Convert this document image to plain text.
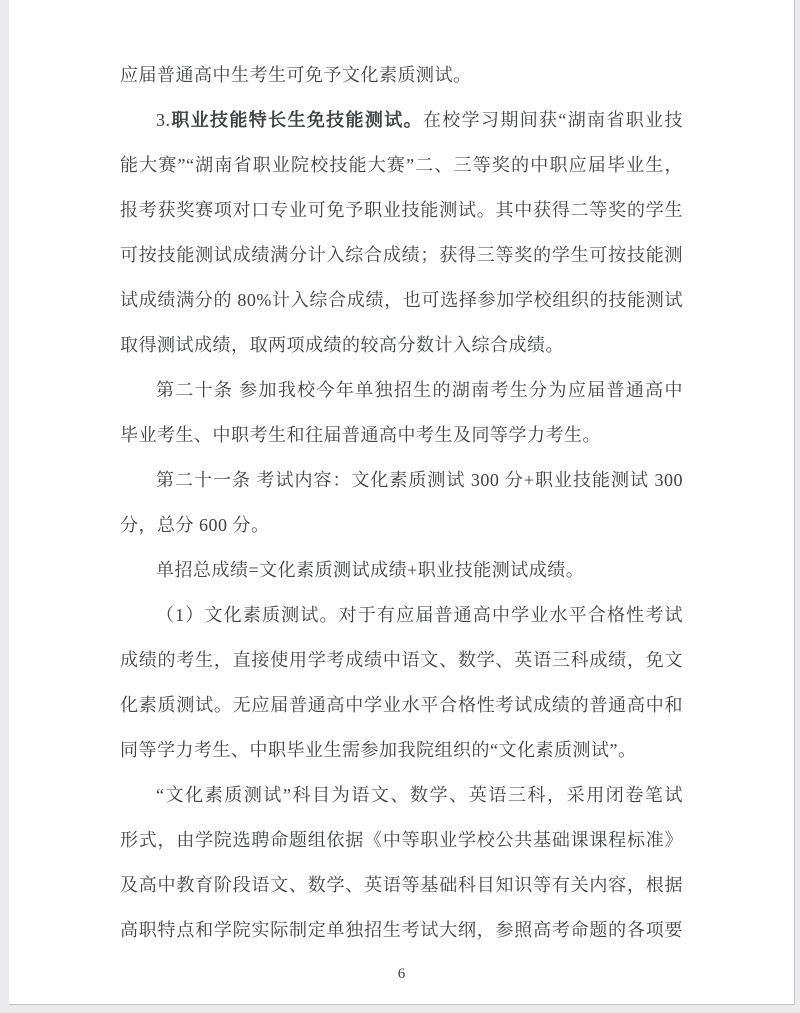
应届普通高中生考生可免予文化素质测试。
3.职业技能特长生免技能测试。在校学习期间获“湖南省职业技
能大赛”“湖南省职业院校技能大赛”二、三等奖的中职应届毕业生，
报考获奖赛项对口专业可免予职业技能测试。其中获得二等奖的学生
可按技能测试成绩满分计入综合成绩；获得三等奖的学生可按技能测
试成绩满分的 80%计入综合成绩，也可选择参加学校组织的技能测试
取得测试成绩，取两项成绩的较高分数计入综合成绩。
第二十条 参加我校今年单独招生的湖南考生分为应届普通高中
毕业考生、中职考生和往届普通高中考生及同等学力考生。
第二十一条 考试内容：文化素质测试 300 分+职业技能测试 300
分，总分 600 分。
单招总成绩=文化素质测试成绩+职业技能测试成绩。
（1）文化素质测试。对于有应届普通高中学业水平合格性考试
成绩的考生，直接使用学考成绩中语文、数学、英语三科成绩，免文
化素质测试。无应届普通高中学业水平合格性考试成绩的普通高中和
同等学力考生、中职毕业生需参加我院组织的“文化素质测试”。
“文化素质测试”科目为语文、数学、英语三科，采用闭卷笔试
形式，由学院选聘命题组依据《中等职业学校公共基础课课程标准》
及高中教育阶段语文、数学、英语等基础科目知识等有关内容，根据
高职特点和学院实际制定单独招生考试大纲，参照高考命题的各项要
6
